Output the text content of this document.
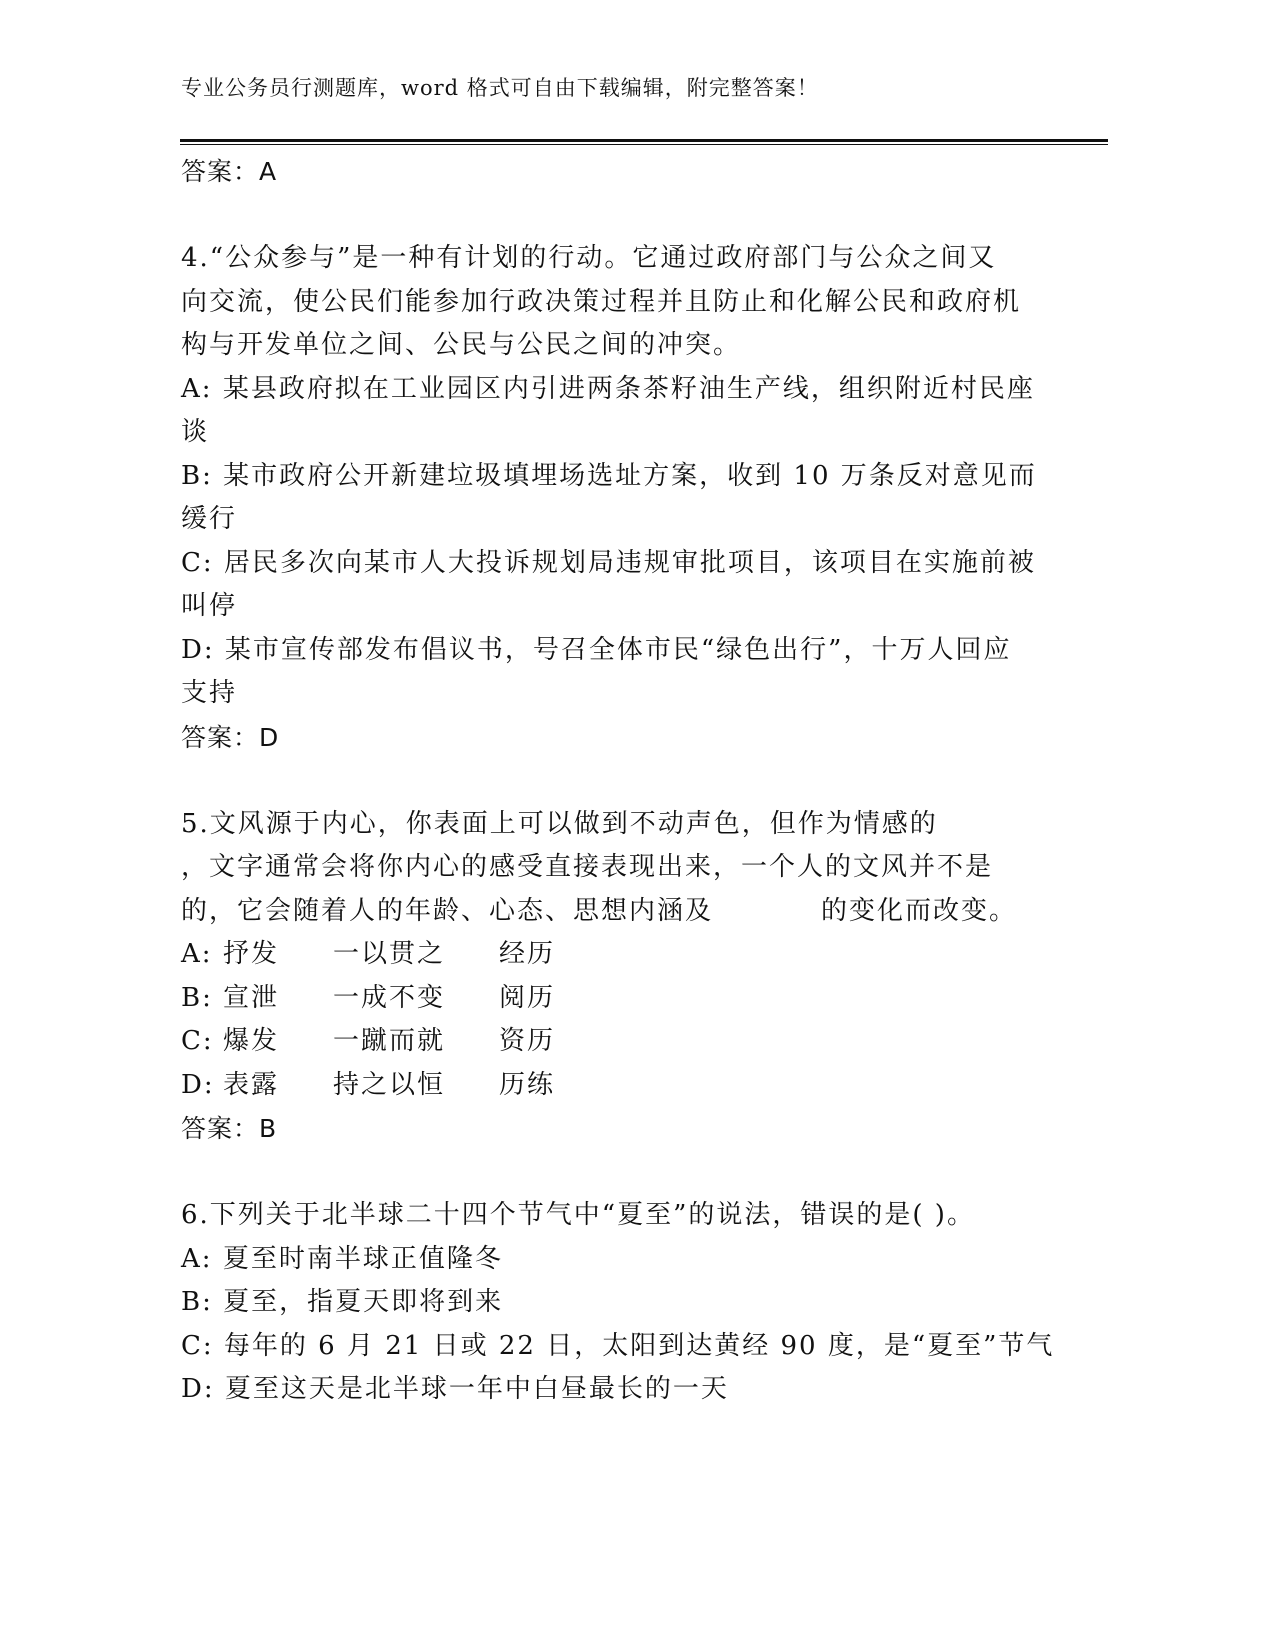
专业公务员行测题库，word 格式可自由下载编辑，附完整答案！
答案：A
4.“公众参与”是一种有计划的行动。它通过政府部门与公众之间又
向交流，使公民们能参加行政决策过程并且防止和化解公民和政府机
构与开发单位之间、公民与公民之间的冲突。
A: 某县政府拟在工业园区内引进两条茶籽油生产线，组织附近村民座
谈
B: 某市政府公开新建垃圾填埋场选址方案，收到 10 万条反对意见而
缓行
C: 居民多次向某市人大投诉规划局违规审批项目，该项目在实施前被
叫停
D: 某市宣传部发布倡议书，号召全体市民“绿色出行”，十万人回应
支持
答案：D
5.文风源于内心，你表面上可以做到不动声色，但作为情感的
，文字通常会将你内心的感受直接表现出来，一个人的文风并不是
的，它会随着人的年龄、心态、思想内涵及	的变化而改变。
A: 抒发	一以贯之	经历
B: 宣泄	一成不变	阅历
C: 爆发	一蹴而就	资历
D: 表露	持之以恒	历练
答案：B
6.下列关于北半球二十四个节气中“夏至”的说法，错误的是( )。
A: 夏至时南半球正值隆冬
B: 夏至，指夏天即将到来
C: 每年的 6 月 21 日或 22 日，太阳到达黄经 90 度，是“夏至”节气
D: 夏至这天是北半球一年中白昼最长的一天
